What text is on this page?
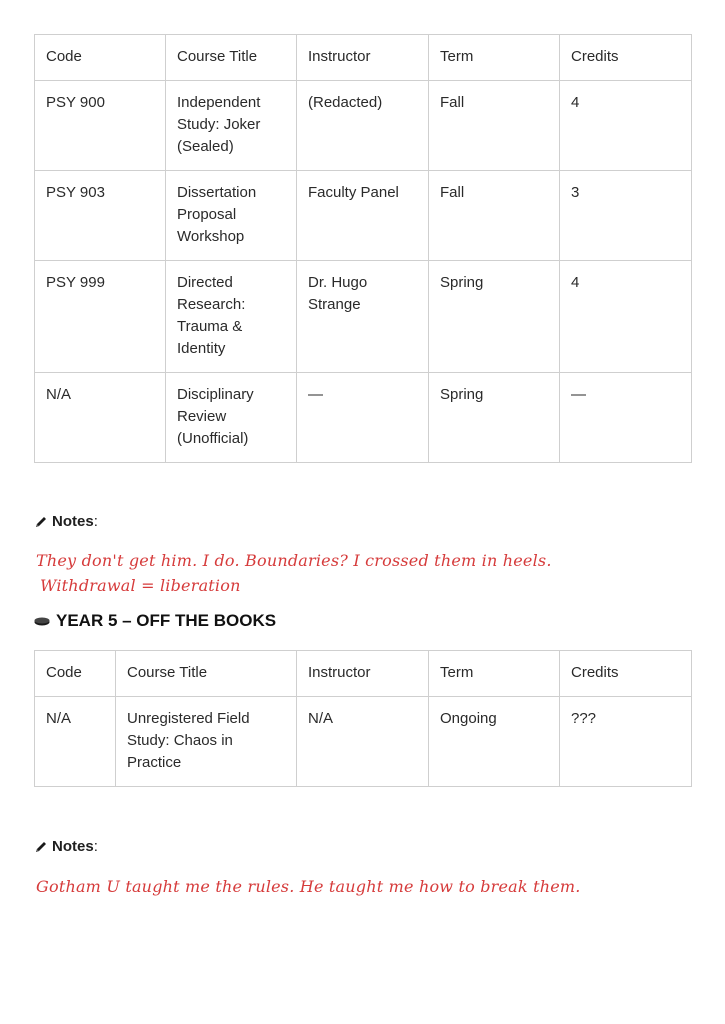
Code	Course Title	Instructor	Term	Credits
PSY 900	Independent Study: Joker (Sealed)	(Redacted)	Fall	4
PSY 903	Dissertation Proposal Workshop	Faculty Panel	Fall	3
PSY 999	Directed Research: Trauma & Identity	Dr. Hugo Strange	Spring	4
N/A	Disciplinary Review (Unofficial)	—	Spring	—
Notes:
They don't get him. I do. Boundaries? I crossed them in heels.
Withdrawal = liberation
YEAR 5 – OFF THE BOOKS
Code	Course Title	Instructor	Term	Credits
N/A	Unregistered Field Study: Chaos in Practice	N/A	Ongoing	???
Notes:
Gotham U taught me the rules. He taught me how to break them.
